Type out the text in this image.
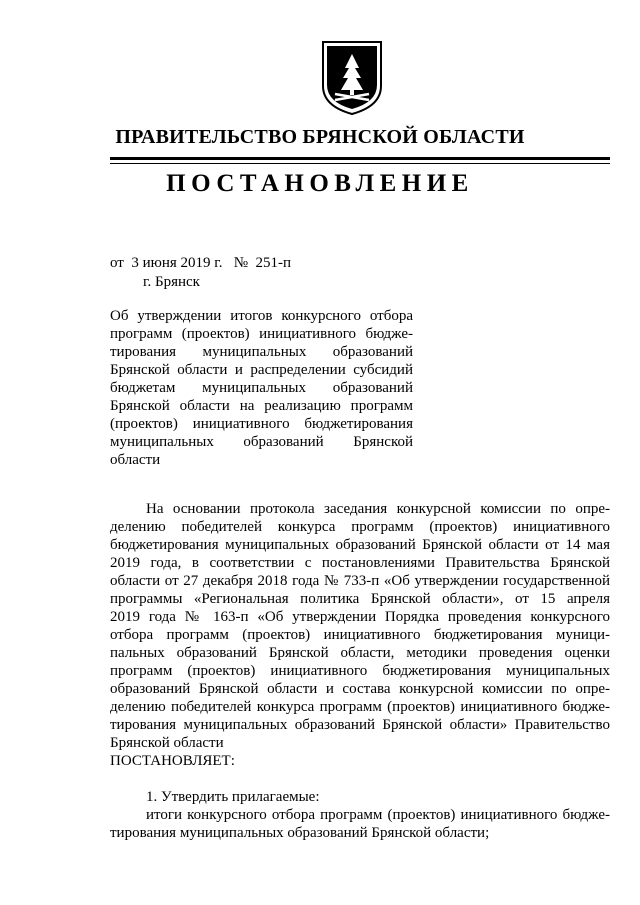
ПРАВИТЕЛЬСТВО БРЯНСКОЙ ОБЛАСТИ
ПОСТАНОВЛЕНИЕ
от  3 июня 2019 г.   №  251-п
г. Брянск
Об утверждении итогов конкурсного отбора
программ (проектов) инициативного бюдже-
тирования муниципальных образований
Брянской области и распределении субсидий
бюджетам муниципальных образований
Брянской области на реализацию программ
(проектов) инициативного бюджетирования
муниципальных образований Брянской
области
На основании протокола заседания конкурсной комиссии по опре-
делению победителей конкурса программ (проектов) инициативного
бюджетирования муниципальных образований Брянской области от 14 мая
2019 года, в соответствии с постановлениями Правительства Брянской
области от 27 декабря 2018 года № 733-п «Об утверждении государственной
программы «Региональная политика Брянской области», от 15 апреля
2019 года № 163-п «Об утверждении Порядка проведения конкурсного
отбора программ (проектов) инициативного бюджетирования муници-
пальных образований Брянской области, методики проведения оценки
программ (проектов) инициативного бюджетирования муниципальных
образований Брянской области и состава конкурсной комиссии по опре-
делению победителей конкурса программ (проектов) инициативного бюдже-
тирования муниципальных образований Брянской области» Правительство
Брянской области
ПОСТАНОВЛЯЕТ:
1. Утвердить прилагаемые:
итоги конкурсного отбора программ (проектов) инициативного бюдже-
тирования муниципальных образований Брянской области;
